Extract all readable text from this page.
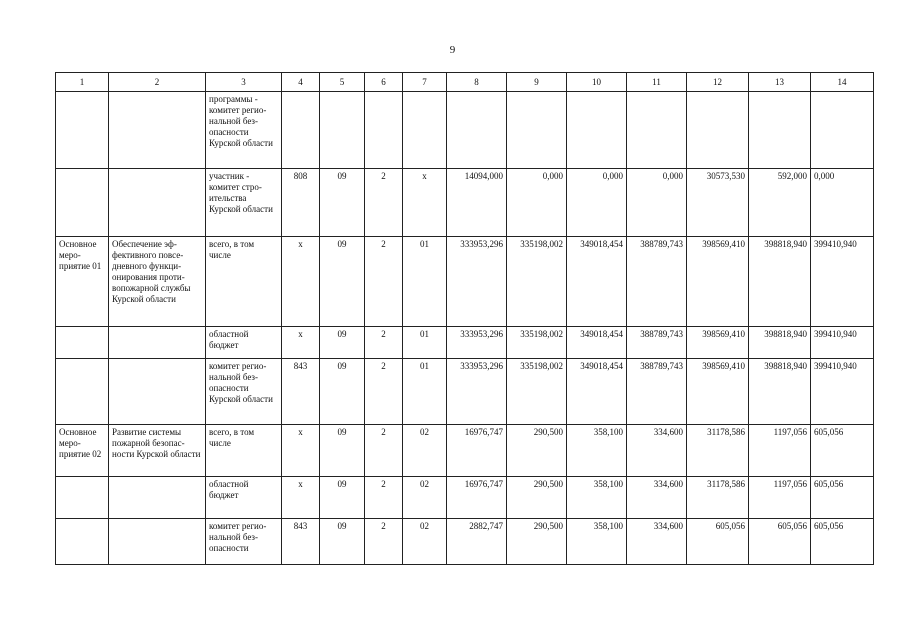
9
1	2	3	4	5	6	7	8	9	10	11	12	13	14
		программы - комитет региональной безопасности Курской области											
		участник - комитет строительства Курской области	808	09	2	х	14094,000	0,000	0,000	0,000	30573,530	592,000	0,000
Основное мероприятие 01	Обеспечение эффективного повседневного функционирования противопожарной службы Курской области	всего, в том числе	х	09	2	01	333953,296	335198,002	349018,454	388789,743	398569,410	398818,940	399410,940
		областной бюджет	х	09	2	01	333953,296	335198,002	349018,454	388789,743	398569,410	398818,940	399410,940
		комитет региональной безопасности Курской области	843	09	2	01	333953,296	335198,002	349018,454	388789,743	398569,410	398818,940	399410,940
Основное мероприятие 02	Развитие системы пожарной безопасности Курской области	всего, в том числе	х	09	2	02	16976,747	290,500	358,100	334,600	31178,586	1197,056	605,056
		областной бюджет	х	09	2	02	16976,747	290,500	358,100	334,600	31178,586	1197,056	605,056
		комитет региональной безопасности	843	09	2	02	2882,747	290,500	358,100	334,600	605,056	605,056	605,056
